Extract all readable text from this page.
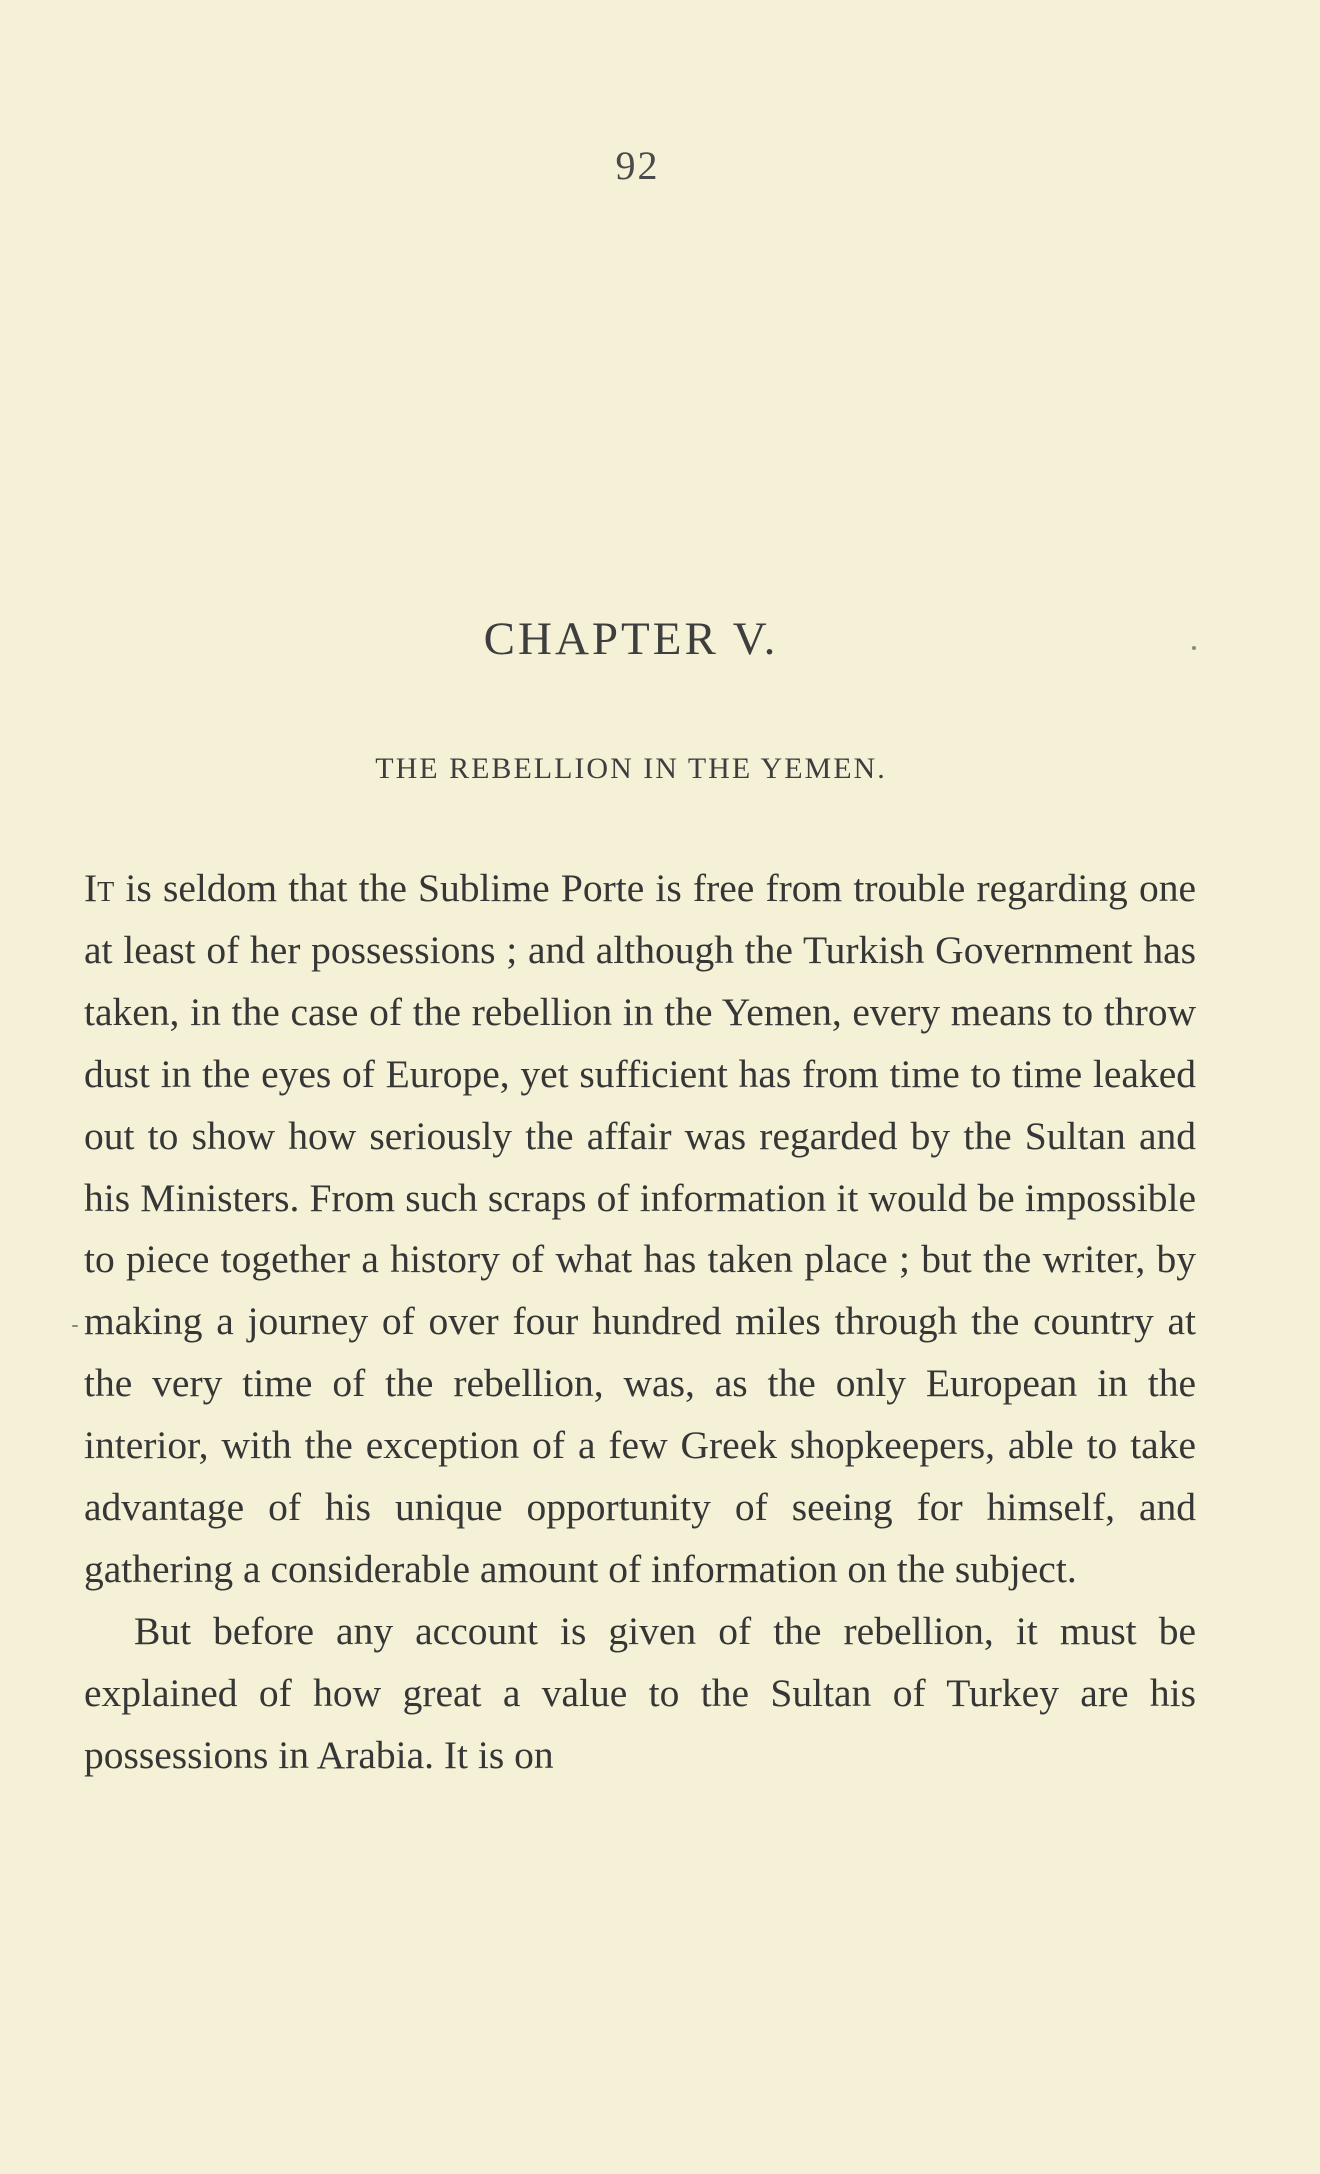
92
CHAPTER V.
THE REBELLION IN THE YEMEN.

It is seldom that the Sublime Porte is free from trouble regarding one at least of her possessions ; and although the Turkish Government has taken, in the case of the rebellion in the Yemen, every means to throw dust in the eyes of Europe, yet sufficient has from time to time leaked out to show how seriously the affair was regarded by the Sultan and his Ministers. From such scraps of information it would be impossible to piece together a history of what has taken place ; but the writer, by making a journey of over four hundred miles through the country at the very time of the rebellion, was, as the only European in the interior, with the exception of a few Greek shopkeepers, able to take advantage of his unique opportunity of seeing for himself, and gathering a considerable amount of information on the subject.

But before any account is given of the rebellion, it must be explained of how great a value to the Sultan of Turkey are his possessions in Arabia. It is on
